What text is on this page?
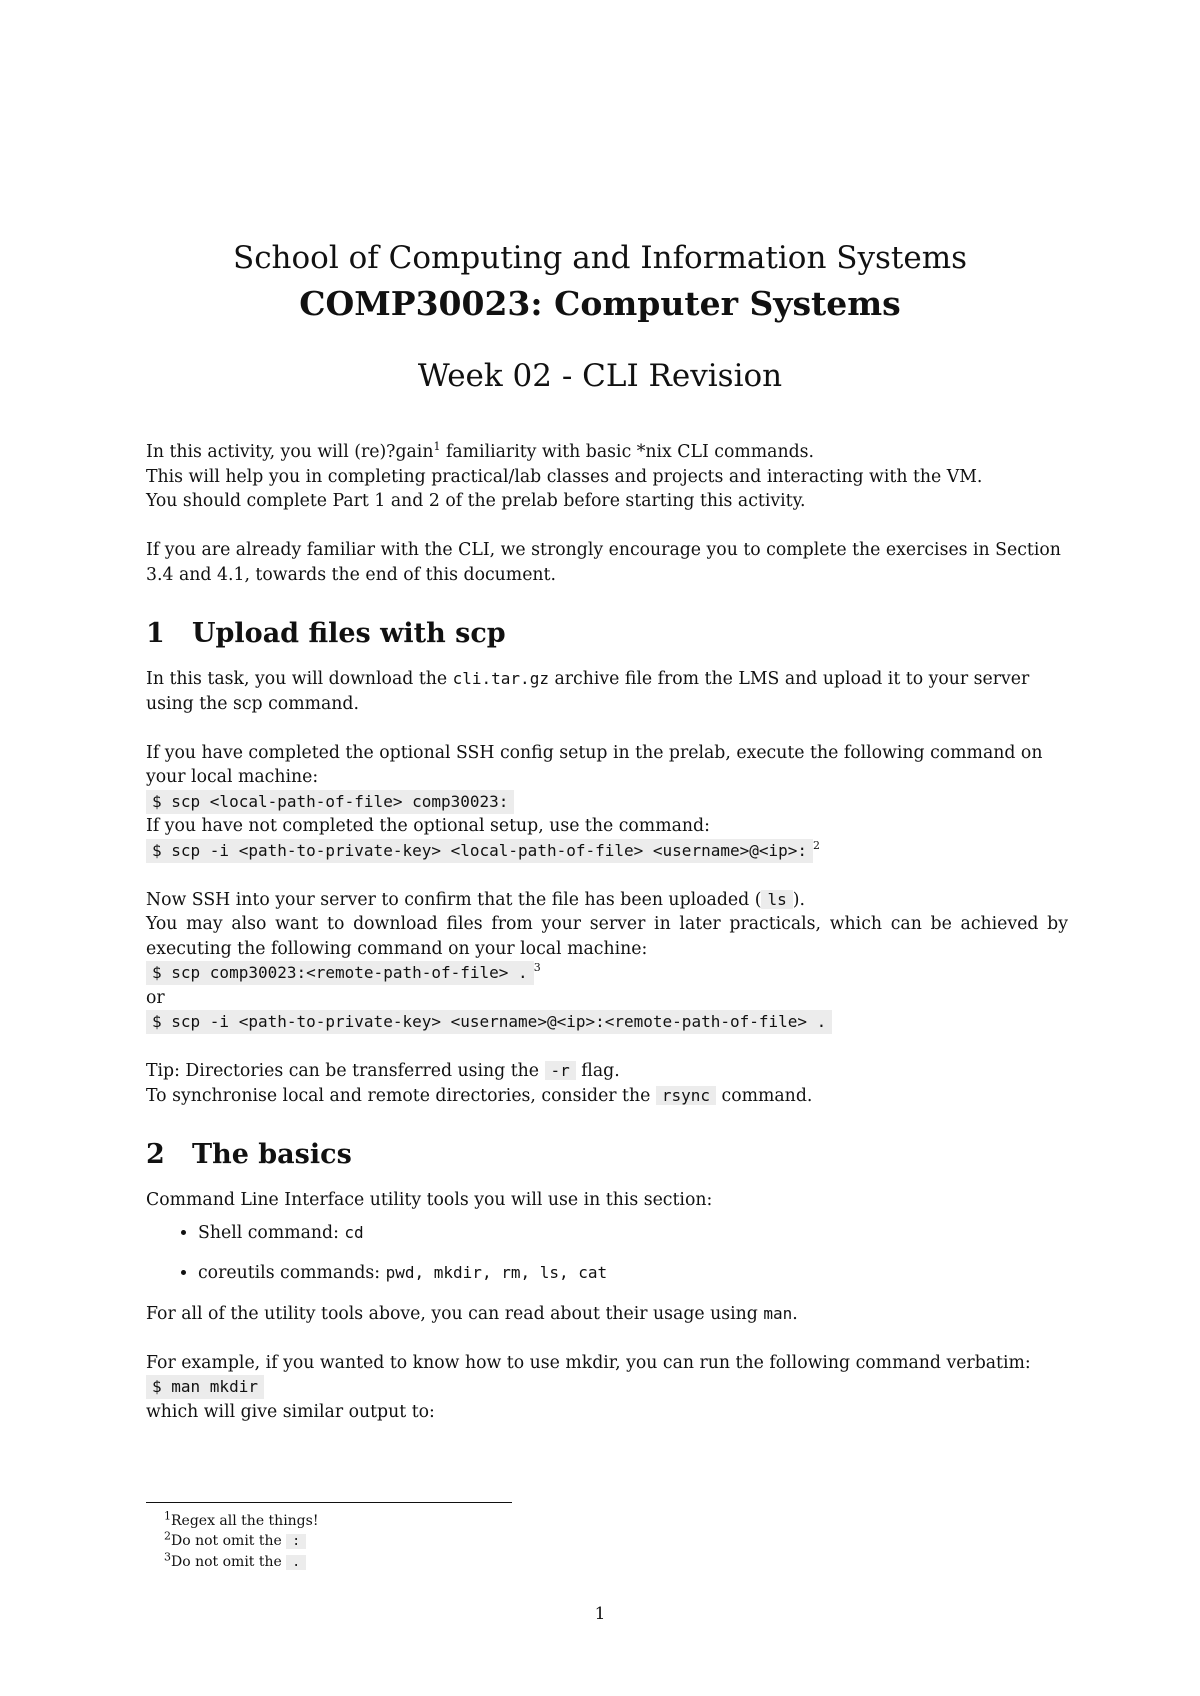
School of Computing and Information Systems
COMP30023: Computer Systems
Week 02 - CLI Revision

In this activity, you will (re)?gain$^1$ familiarity with basic *nix CLI commands.

This will help you in completing practical/lab classes and projects and interacting with the VM.

You should complete Part 1 and 2 of the prelab before starting this activity.

If you are already familiar with the CLI, we strongly encourage you to complete the exercises in Section 3.4 and 4.1, towards the end of this document.

1 Upload files with scp

In this task, you will download the cli.tar.gz archive file from the LMS and upload it to your server using the scp command.

If you have completed the optional SSH config setup in the prelab, execute the following command on your local machine:

$ scp <local-path-of-file> comp30023:

If you have not completed the optional setup, use the command:

$ scp -i <path-to-private-key> <local-path-of-file> <username>@<ip>: $^2$

Now SSH into your server to confirm that the file has been uploaded ( ls ).

You may also want to download files from your server in later practicals, which can be achieved by executing the following command on your local machine:

$ scp comp30023:<remote-path-of-file> . $^3$

or

$ scp -i <path-to-private-key> <username>@<ip>:<remote-path-of-file> .

Tip: Directories can be transferred using the -r flag.

To synchronise local and remote directories, consider the rsync command.

2 The basics

Command Line Interface utility tools you will use in this section:

• Shell command: cd
• coreutils commands: pwd, mkdir, rm, ls, cat

For all of the utility tools above, you can read about their usage using man.

For example, if you wanted to know how to use mkdir, you can run the following command verbatim:

$ man mkdir

which will give similar output to:

$^1$Regex all the things!
$^2$Do not omit the :
$^3$Do not omit the .
1
